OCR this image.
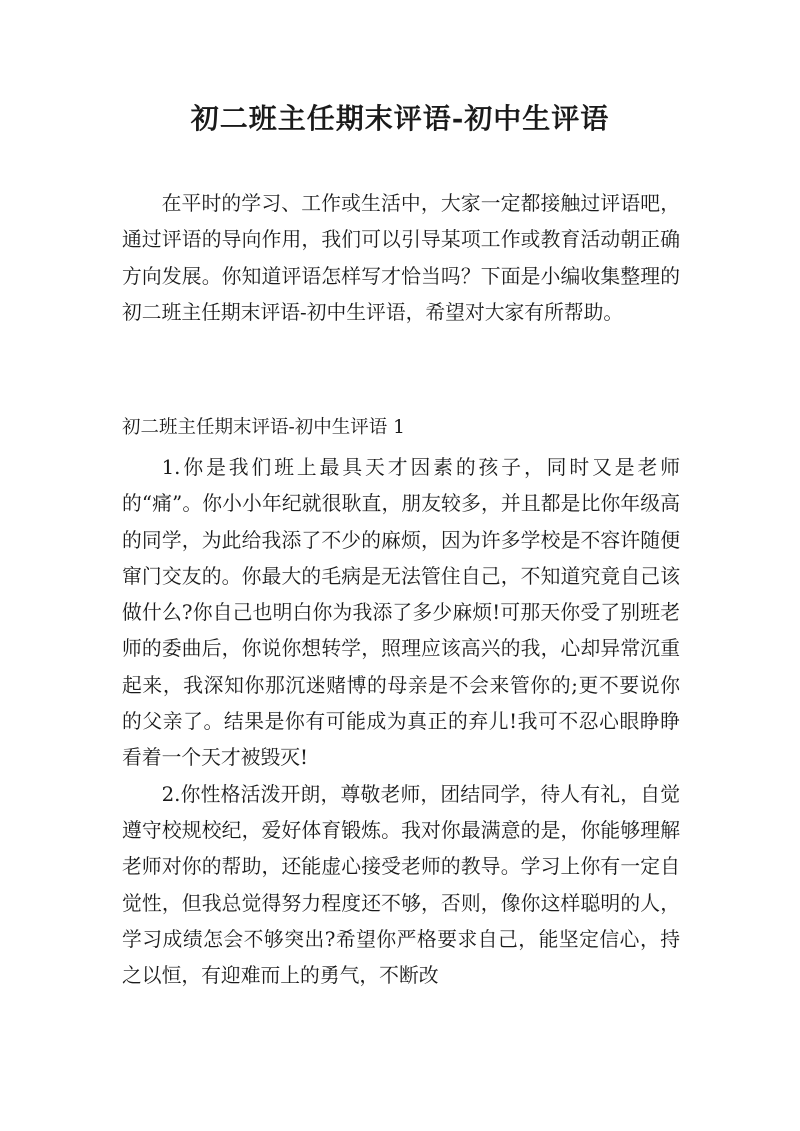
初二班主任期末评语-初中生评语

在平时的学习、工作或生活中，大家一定都接触过评语吧，通过评语的导向作用，我们可以引导某项工作或教育活动朝正确方向发展。你知道评语怎样写才恰当吗？下面是小编收集整理的初二班主任期末评语-初中生评语，希望对大家有所帮助。

初二班主任期末评语-初中生评语 1

1.你是我们班上最具天才因素的孩子，同时又是老师的“痛”。你小小年纪就很耿直，朋友较多，并且都是比你年级高的同学，为此给我添了不少的麻烦，因为许多学校是不容许随便窜门交友的。你最大的毛病是无法管住自己，不知道究竟自己该做什么?你自己也明白你为我添了多少麻烦!可那天你受了别班老师的委曲后，你说你想转学，照理应该高兴的我，心却异常沉重起来，我深知你那沉迷赌博的母亲是不会来管你的;更不要说你的父亲了。结果是你有可能成为真正的弃儿!我可不忍心眼睁睁看着一个天才被毁灭!

2.你性格活泼开朗，尊敬老师，团结同学，待人有礼，自觉遵守校规校纪，爱好体育锻炼。我对你最满意的是，你能够理解老师对你的帮助，还能虚心接受老师的教导。学习上你有一定自觉性，但我总觉得努力程度还不够，否则，像你这样聪明的人，学习成绩怎会不够突出?希望你严格要求自己，能坚定信心，持之以恒，有迎难而上的勇气，不断改
